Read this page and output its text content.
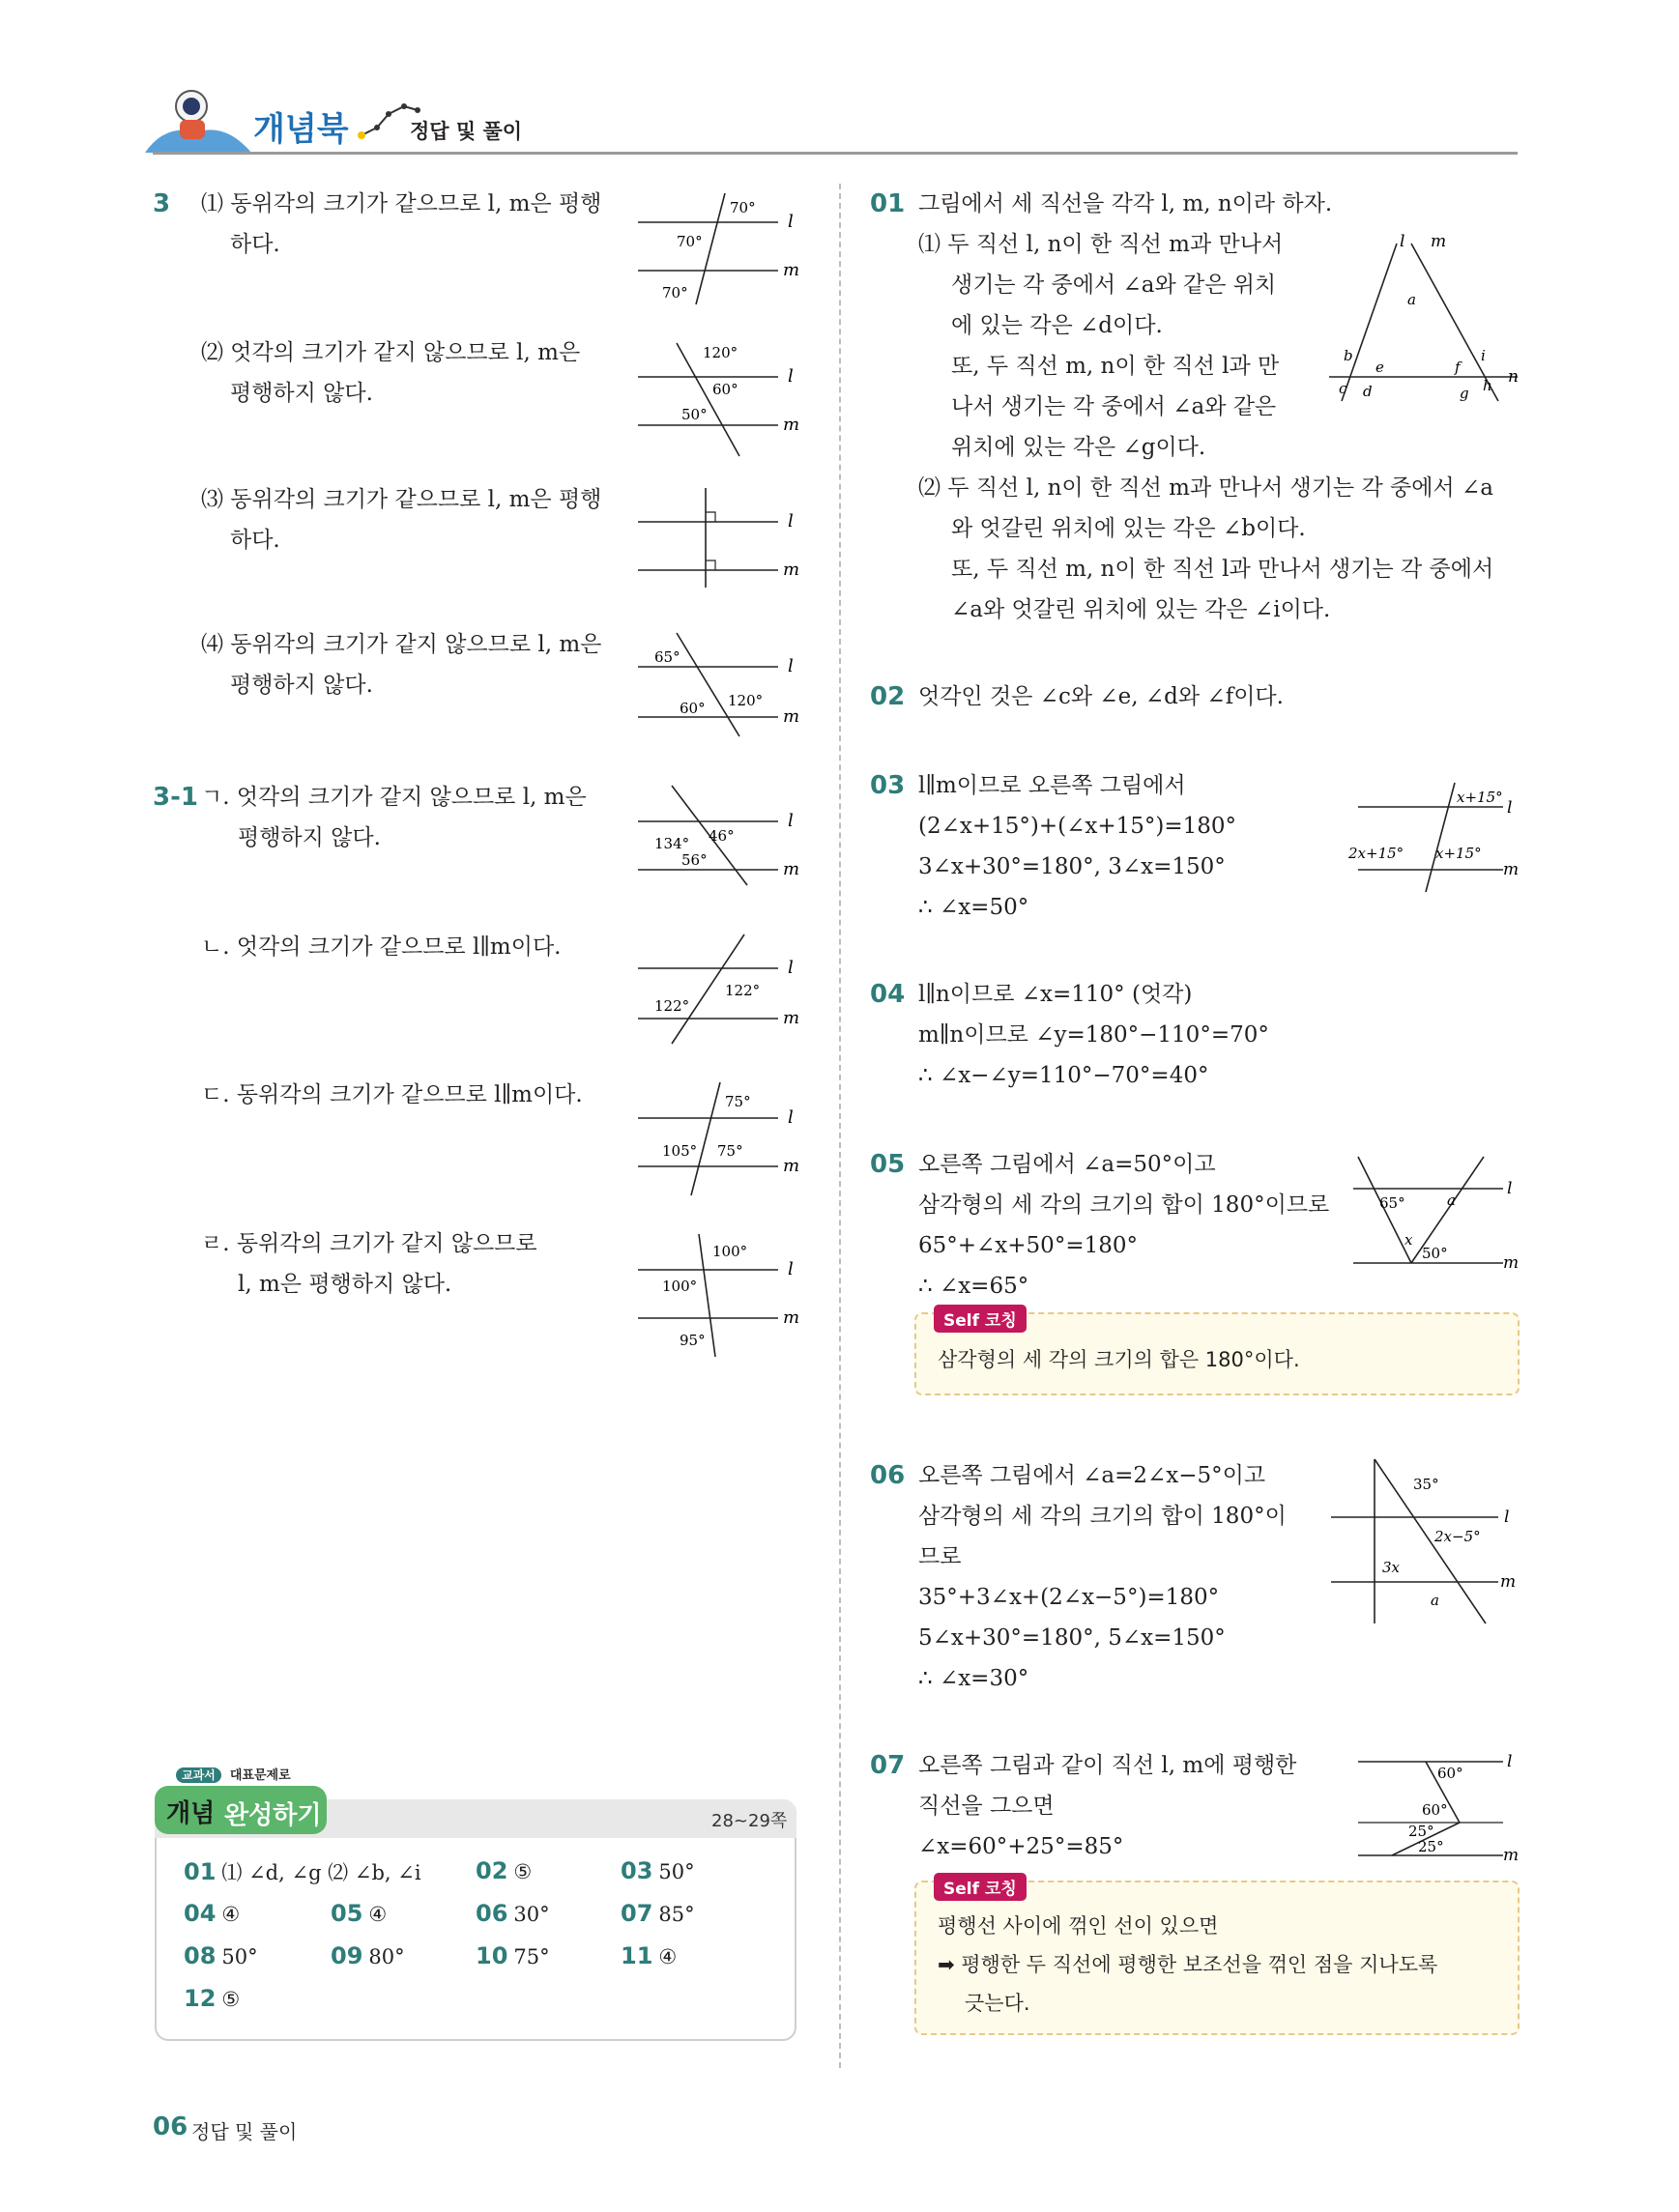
개념북	정답 및 풀이
3 ⑴ 동위각의 크기가 같으므로 l, m은 평행
하다.
l
m
70°
70°
70°
⑵ 엇각의 크기가 같지 않으므로 l, m은
평행하지 않다.
l
m
120°
60°
50°
⑶ 동위각의 크기가 같으므로 l, m은 평행
하다.
l
m
⑷ 동위각의 크기가 같지 않으므로 l, m은
평행하지 않다.
l
m
65°
60° 120°
3-1 ㄱ. 엇각의 크기가 같지 않으므로 l, m은
평행하지 않다.
l
m
46°
134°
56°
ㄴ. 엇각의 크기가 같으므로 l∥m이다.
l
m
122°
122°
ㄷ. 동위각의 크기가 같으므로 l∥m이다.
l
m
75°
105° 75°
ㄹ. 동위각의 크기가 같지 않으므로
l, m은 평행하지 않다.
l
m
100°
100°
95°
교과서 대표문제로
개념 완성하기	28~29쪽
01 ⑴ ∠d, ∠g ⑵ ∠b, ∠i 02 ⑤	03 50°
04 ④	05 ④	06 30°	07 85°
08 50°	09 80°	10 75°	11 ④
12 ⑤
01 그림에서 세 직선을 각각 l, m, n이라 하자.
⑴ 두 직선 l, n이 한 직선 m과 만나서
생기는 각 중에서 ∠a와 같은 위치
에 있는 각은 ∠d이다.
또, 두 직선 m, n이 한 직선 l과 만
나서 생기는 각 중에서 ∠a와 같은
위치에 있는 각은 ∠g이다.
⑵ 두 직선 l, n이 한 직선 m과 만나서 생기는 각 중에서 ∠a
와 엇갈린 위치에 있는 각은 ∠b이다.
또, 두 직선 m, n이 한 직선 l과 만나서 생기는 각 중에서
∠a와 엇갈린 위치에 있는 각은 ∠i이다.
l m
a
b
e
c d
f
i
g h n
02 엇각인 것은 ∠c와 ∠e, ∠d와 ∠f이다.
03 l∥m이므로 오른쪽 그림에서
(2∠x+15°)+(∠x+15°)=180°
3∠x+30°=180°, 3∠x=150°
∴ ∠x=50°
l
m
x+15°
2x+15° x+15°
04 l∥n이므로 ∠x=110° (엇각)
m∥n이므로 ∠y=180°−110°=70°
∴ ∠x−∠y=110°−70°=40°
05 오른쪽 그림에서 ∠a=50°이고
삼각형의 세 각의 크기의 합이 180°이므로
65°+∠x+50°=180°
∴ ∠x=65°
l
m
65°	a
x
50°
Self 코칭
삼각형의 세 각의 크기의 합은 180°이다.
06 오른쪽 그림에서 ∠a=2∠x−5°이고
삼각형의 세 각의 크기의 합이 180°이
므로
35°+3∠x+(2∠x−5°)=180°
5∠x+30°=180°, 5∠x=150°
∴ ∠x=30°
l
m
35°
2x−5°
3x
a
07 오른쪽 그림과 같이 직선 l, m에 평행한
직선을 그으면
∠x=60°+25°=85°
l
m
60°
60°
25°
25°
Self 코칭
평행선 사이에 꺾인 선이 있으면
➡ 평행한 두 직선에 평행한 보조선을 꺾인 점을 지나도록
긋는다.
06 정답 및 풀이
